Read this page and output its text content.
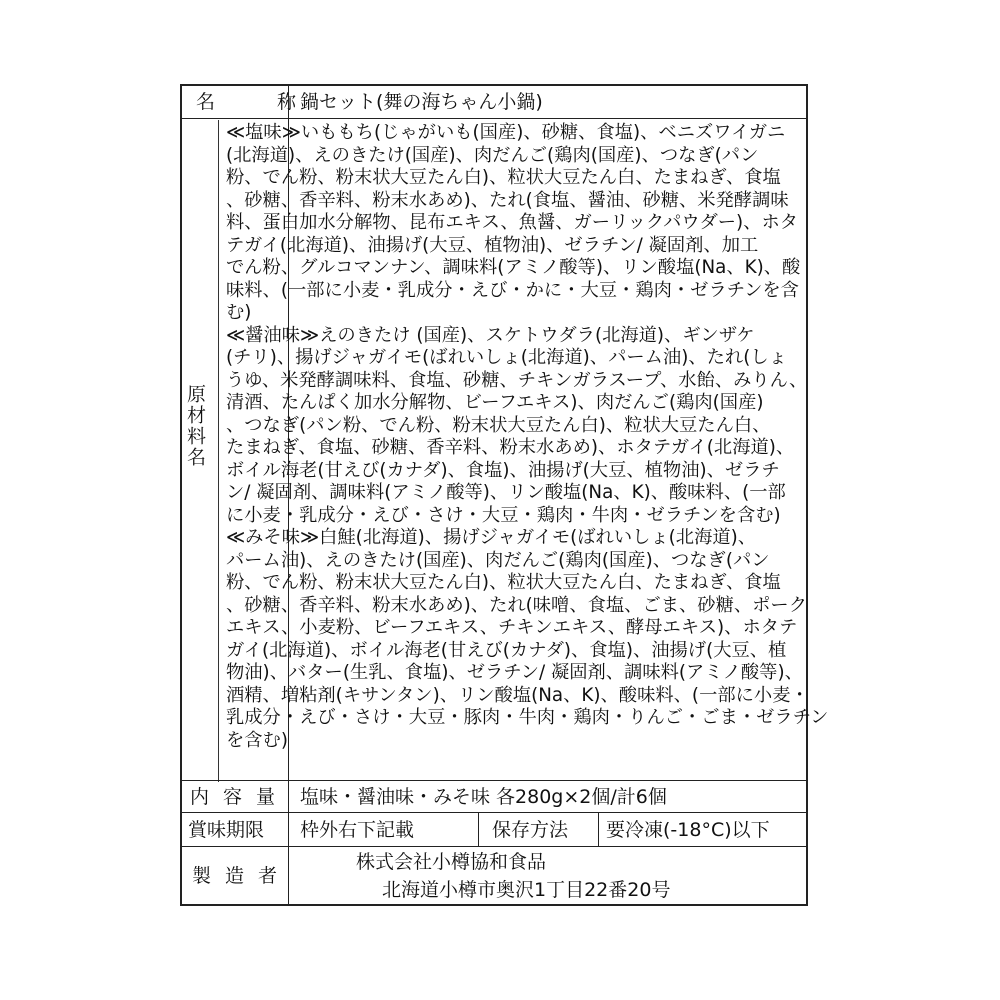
名 称
鍋セット(舞の海ちゃん小鍋)
原材料名
≪塩味≫いももち(じゃがいも(国産)、砂糖、食塩)、ベニズワイガニ
(北海道)、えのきたけ(国産)、肉だんご(鶏肉(国産)、つなぎ(パン
粉、でん粉、粉末状大豆たん白)、粒状大豆たん白、たまねぎ、食塩
、砂糖、香辛料、粉末水あめ)、たれ(食塩、醤油、砂糖、米発酵調味
料、蛋白加水分解物、昆布エキス、魚醤、ガーリックパウダー)、ホタ
テガイ(北海道)、油揚げ(大豆、植物油)、ゼラチン/ 凝固剤、加工
でん粉、グルコマンナン、調味料(アミノ酸等)、リン酸塩(Na、K)、酸
味料、(一部に小麦・乳成分・えび・かに・大豆・鶏肉・ゼラチンを含
む)
≪醤油味≫えのきたけ (国産)、スケトウダラ(北海道)、ギンザケ
(チリ)、揚げジャガイモ(ばれいしょ(北海道)、パーム油)、たれ(しょ
うゆ、米発酵調味料、食塩、砂糖、チキンガラスープ、水飴、みりん、
清酒、たんぱく加水分解物、ビーフエキス)、肉だんご(鶏肉(国産)
、つなぎ(パン粉、でん粉、粉末状大豆たん白)、粒状大豆たん白、
たまねぎ、食塩、砂糖、香辛料、粉末水あめ)、ホタテガイ(北海道)、
ボイル海老(甘えび(カナダ)、食塩)、油揚げ(大豆、植物油)、ゼラチ
ン/ 凝固剤、調味料(アミノ酸等)、リン酸塩(Na、K)、酸味料、(一部
に小麦・乳成分・えび・さけ・大豆・鶏肉・牛肉・ゼラチンを含む)
≪みそ味≫白鮭(北海道)、揚げジャガイモ(ばれいしょ(北海道)、
パーム油)、えのきたけ(国産)、肉だんご(鶏肉(国産)、つなぎ(パン
粉、でん粉、粉末状大豆たん白)、粒状大豆たん白、たまねぎ、食塩
、砂糖、香辛料、粉末水あめ)、たれ(味噌、食塩、ごま、砂糖、ポーク
エキス、小麦粉、ビーフエキス、チキンエキス、酵母エキス)、ホタテ
ガイ(北海道)、ボイル海老(甘えび(カナダ)、食塩)、油揚げ(大豆、植
物油)、バター(生乳、食塩)、ゼラチン/ 凝固剤、調味料(アミノ酸等)、
酒精、増粘剤(キサンタン)、リン酸塩(Na、K)、酸味料、(一部に小麦・
乳成分・えび・さけ・大豆・豚肉・牛肉・鶏肉・りんご・ごま・ゼラチン
を含む)
内容量 塩味・醤油味・みそ味 各280g×2個/計6個
賞味期限 枠外右下記載	保存方法 要冷凍(-18°C)以下
製造者
株式会社小樽協和食品
北海道小樽市奥沢1丁目22番20号
